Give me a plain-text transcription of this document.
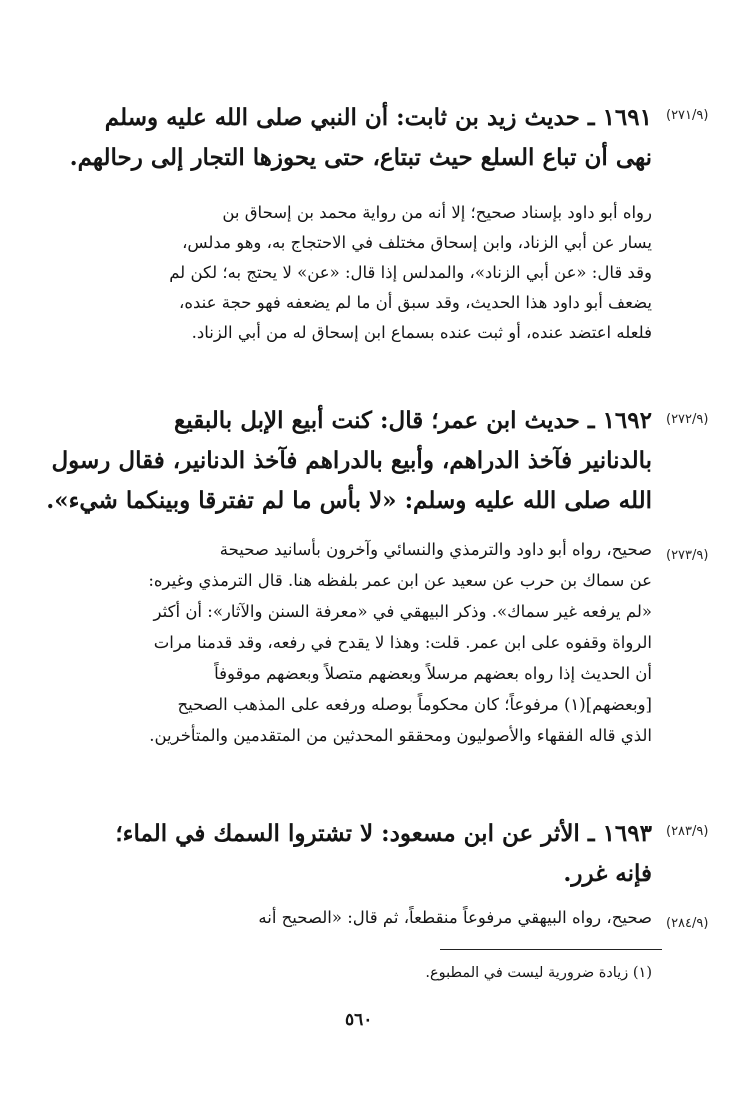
(٢٧١/٩)
١٦٩١ ـ حديث زيد بن ثابت: أن النبي صلى الله عليه وسلم
نهى أن تباع السلع حيث تبتاع، حتى يحوزها التجار إلى رحالهم.
رواه أبو داود بإسناد صحيح؛ إلا أنه من رواية محمد بن إسحاق بن
يسار عن أبي الزناد، وابن إسحاق مختلف في الاحتجاج به، وهو مدلس،
وقد قال: «عن أبي الزناد»، والمدلس إذا قال: «عن» لا يحتج به؛ لكن لم
يضعف أبو داود هذا الحديث، وقد سبق أن ما لم يضعفه فهو حجة عنده،
فلعله اعتضد عنده، أو ثبت عنده بسماع ابن إسحاق له من أبي الزناد.
(٢٧٢/٩)
١٦٩٢ ـ حديث ابن عمر؛ قال: كنت أبيع الإبل بالبقيع
بالدنانير فآخذ الدراهم، وأبيع بالدراهم فآخذ الدنانير، فقال رسول
الله صلى الله عليه وسلم: «لا بأس ما لم تفترقا وبينكما شيء».
(٢٧٣/٩)
صحيح، رواه أبو داود والترمذي والنسائي وآخرون بأسانيد صحيحة
عن سماك بن حرب عن سعيد عن ابن عمر بلفظه هنا. قال الترمذي وغيره:
«لم يرفعه غير سماك». وذكر البيهقي في «معرفة السنن والآثار»: أن أكثر
الرواة وقفوه على ابن عمر. قلت: وهذا لا يقدح في رفعه، وقد قدمنا مرات
أن الحديث إذا رواه بعضهم مرسلاً وبعضهم متصلاً وبعضهم موقوفاً
[وبعضهم](١) مرفوعاً؛ كان محكوماً بوصله ورفعه على المذهب الصحيح
الذي قاله الفقهاء والأصوليون ومحققو المحدثين من المتقدمين والمتأخرين.
(٢٨٣/٩)
١٦٩٣ ـ الأثر عن ابن مسعود: لا تشتروا السمك في الماء؛
فإنه غرر.
(٢٨٤/٩)
صحيح، رواه البيهقي مرفوعاً منقطعاً، ثم قال: «الصحيح أنه
(١) زيادة ضرورية ليست في المطبوع.
٥٦٠
